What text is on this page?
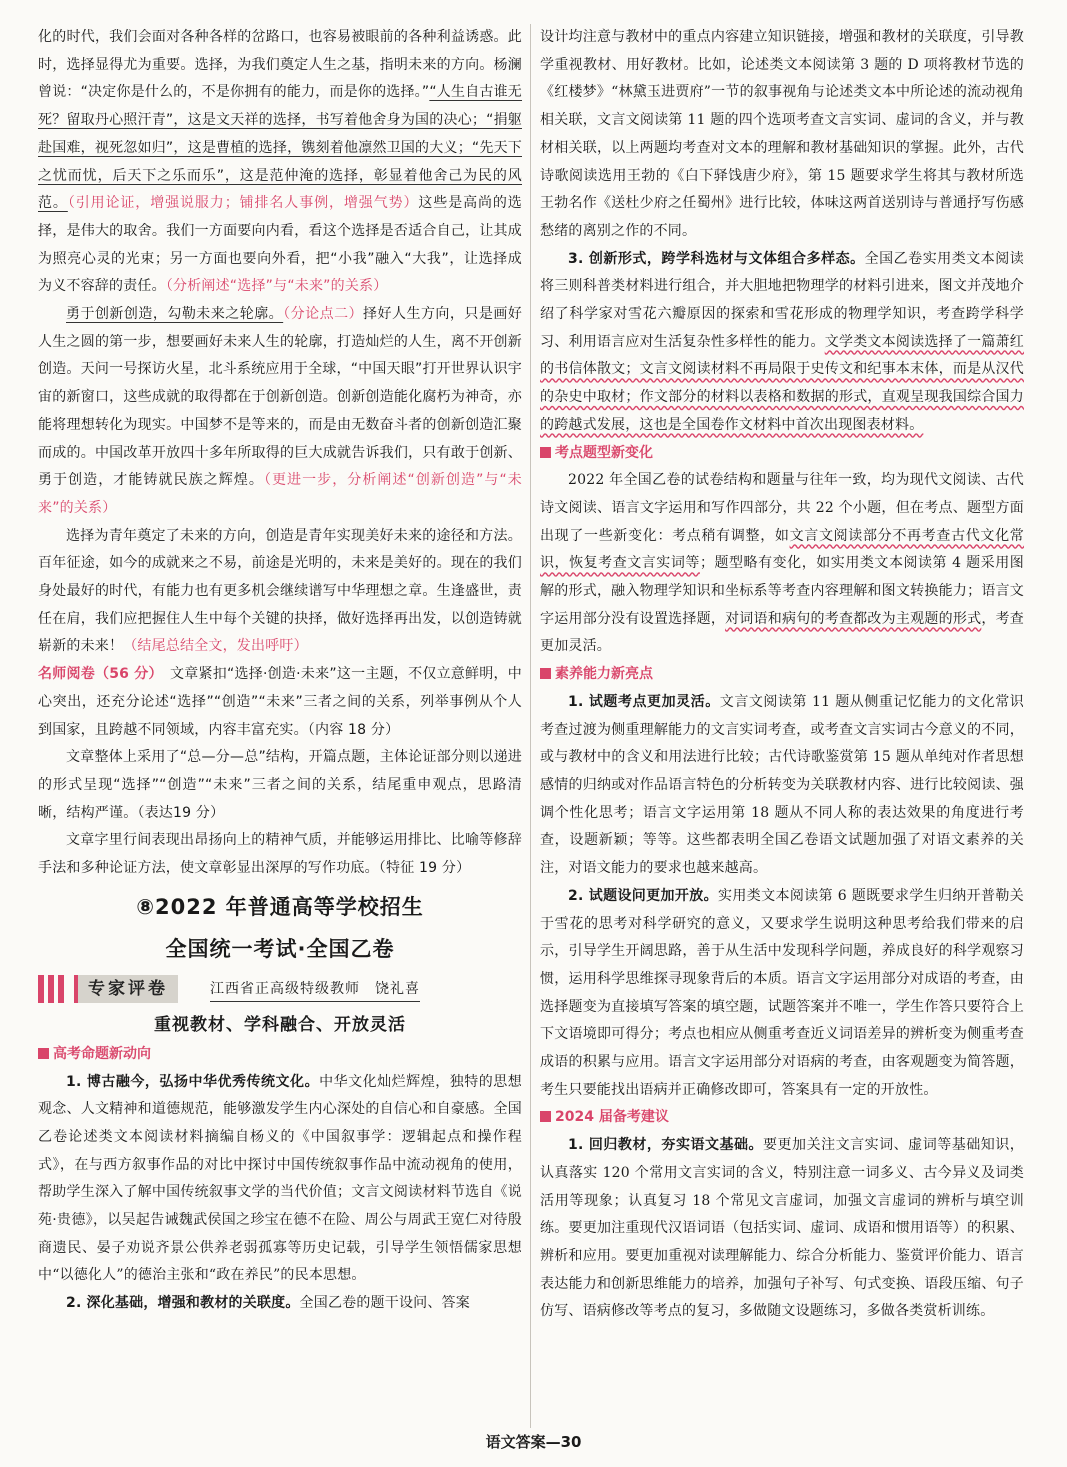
化的时代，我们会面对各种各样的岔路口，也容易被眼前的各种利益诱惑。此时，选择显得尤为重要。选择，为我们奠定人生之基，指明未来的方向。杨澜曾说：“决定你是什么的，不是你拥有的能力，而是你的选择。”“人生自古谁无死？留取丹心照汗青”，这是文天祥的选择，书写着他舍身为国的决心；“捐躯赴国难，视死忽如归”，这是曹植的选择，镌刻着他凛然卫国的大义；“先天下之忧而忧，后天下之乐而乐”，这是范仲淹的选择，彰显着他舍己为民的风范。（引用论证，增强说服力；铺排名人事例，增强气势）这些是高尚的选择，是伟大的取舍。我们一方面要向内看，看这个选择是否适合自己，让其成为照亮心灵的光束；另一方面也要向外看，把“小我”融入“大我”，让选择成为义不容辞的责任。（分析阐述“选择”与“未来”的关系）

勇于创新创造，勾勒未来之轮廓。（分论点二）择好人生方向，只是画好人生之圆的第一步，想要画好未来人生的轮廓，打造灿烂的人生，离不开创新创造。天问一号探访火星，北斗系统应用于全球，“中国天眼”打开世界认识宇宙的新窗口，这些成就的取得都在于创新创造。创新创造能化腐朽为神奇，亦能将理想转化为现实。中国梦不是等来的，而是由无数奋斗者的创新创造汇聚而成的。中国改革开放四十多年所取得的巨大成就告诉我们，只有敢于创新、勇于创造，才能铸就民族之辉煌。（更进一步，分析阐述“创新创造”与“未来”的关系）

选择为青年奠定了未来的方向，创造是青年实现美好未来的途径和方法。百年征途，如今的成就来之不易，前途是光明的，未来是美好的。现在的我们身处最好的时代，有能力也有更多机会继续谱写中华理想之章。生逢盛世，责任在肩，我们应把握住人生中每个关键的抉择，做好选择再出发，以创造铸就崭新的未来！（结尾总结全文，发出呼吁）

名师阅卷（56 分）　 文章紧扣“选择·创造·未来”这一主题，不仅立意鲜明，中心突出，还充分论述“选择”“创造”“未来”三者之间的关系，列举事例从个人到国家，且跨越不同领域，内容丰富充实。（内容 18 分）

文章整体上采用了“总—分—总”结构，开篇点题，主体论证部分则以递进的形式呈现“选择”“创造”“未来”三者之间的关系，结尾重申观点，思路清晰，结构严谨。（表达19 分）

文章字里行间表现出昂扬向上的精神气质，并能够运用排比、比喻等修辞手法和多种论证方法，使文章彰显出深厚的写作功底。（特征 19 分）

⑧2022 年普通高等学校招生
全国统一考试·全国乙卷
专家评卷	江西省正高级特级教师　饶礼喜
重视教材、学科融合、开放灵活

高考命题新动向

1. 博古融今，弘扬中华优秀传统文化。中华文化灿烂辉煌，独特的思想观念、人文精神和道德规范，能够激发学生内心深处的自信心和自豪感。全国乙卷论述类文本阅读材料摘编自杨义的《中国叙事学：逻辑起点和操作程式》，在与西方叙事作品的对比中探讨中国传统叙事作品中流动视角的使用，帮助学生深入了解中国传统叙事文学的当代价值；文言文阅读材料节选自《说苑·贵德》，以吴起告诫魏武侯国之珍宝在德不在险、周公与周武王宽仁对待殷商遗民、晏子劝说齐景公供养老弱孤寡等历史记载，引导学生领悟儒家思想中“以德化人”的德治主张和“政在养民”的民本思想。

2. 深化基础，增强和教材的关联度。全国乙卷的题干设问、答案

设计均注意与教材中的重点内容建立知识链接，增强和教材的关联度，引导教学重视教材、用好教材。比如，论述类文本阅读第 3 题的 D 项将教材节选的《红楼梦》“林黛玉进贾府”一节的叙事视角与论述类文本中所论述的流动视角相关联，文言文阅读第 11 题的四个选项考查文言实词、虚词的含义，并与教材相关联，以上两题均考查对文本的理解和教材基础知识的掌握。此外，古代诗歌阅读选用王勃的《白下驿饯唐少府》，第 15 题要求学生将其与教材所选王勃名作《送杜少府之任蜀州》进行比较，体味这两首送别诗与普通抒写伤感愁绪的离别之作的不同。

3. 创新形式，跨学科选材与文体组合多样态。全国乙卷实用类文本阅读将三则科普类材料进行组合，并大胆地把物理学的材料引进来，图文并茂地介绍了科学家对雪花六瓣原因的探索和雪花形成的物理学知识，考查跨学科学习、利用语言应对生活复杂性多样性的能力。文学类文本阅读选择了一篇萧红的书信体散文；文言文阅读材料不再局限于史传文和纪事本末体，而是从汉代的杂史中取材；作文部分的材料以表格和数据的形式，直观呈现我国综合国力的跨越式发展，这也是全国卷作文材料中首次出现图表材料。

考点题型新变化

2022 年全国乙卷的试卷结构和题量与往年一致，均为现代文阅读、古代诗文阅读、语言文字运用和写作四部分，共 22 个小题，但在考点、题型方面出现了一些新变化：考点稍有调整，如文言文阅读部分不再考查古代文化常识，恢复考查文言实词等；题型略有变化，如实用类文本阅读第 4 题采用图解的形式，融入物理学知识和坐标系等考查内容理解和图文转换能力；语言文字运用部分没有设置选择题，对词语和病句的考查都改为主观题的形式，考查更加灵活。

素养能力新亮点

1. 试题考点更加灵活。文言文阅读第 11 题从侧重记忆能力的文化常识考查过渡为侧重理解能力的文言实词考查，或考查文言实词古今意义的不同，或与教材中的含义和用法进行比较；古代诗歌鉴赏第 15 题从单纯对作者思想感情的归纳或对作品语言特色的分析转变为关联教材内容、进行比较阅读、强调个性化思考；语言文字运用第 18 题从不同人称的表达效果的角度进行考查，设题新颖；等等。这些都表明全国乙卷语文试题加强了对语文素养的关注，对语文能力的要求也越来越高。

2. 试题设问更加开放。实用类文本阅读第 6 题既要求学生归纳开普勒关于雪花的思考对科学研究的意义，又要求学生说明这种思考给我们带来的启示，引导学生开阔思路，善于从生活中发现科学问题，养成良好的科学观察习惯，运用科学思维探寻现象背后的本质。语言文字运用部分对成语的考查，由选择题变为直接填写答案的填空题，试题答案并不唯一，学生作答只要符合上下文语境即可得分；考点也相应从侧重考查近义词语差异的辨析变为侧重考查成语的积累与应用。语言文字运用部分对语病的考查，由客观题变为简答题，考生只要能找出语病并正确修改即可，答案具有一定的开放性。

2024 届备考建议

1. 回归教材，夯实语文基础。要更加关注文言实词、虚词等基础知识，认真落实 120 个常用文言实词的含义，特别注意一词多义、古今异义及词类活用等现象；认真复习 18 个常见文言虚词，加强文言虚词的辨析与填空训练。要更加注重现代汉语词语（包括实词、虚词、成语和惯用语等）的积累、辨析和应用。要更加重视对读理解能力、综合分析能力、鉴赏评价能力、语言表达能力和创新思维能力的培养，加强句子补写、句式变换、语段压缩、句子仿写、语病修改等考点的复习，多做随文设题练习，多做各类赏析训练。

语文答案—30
